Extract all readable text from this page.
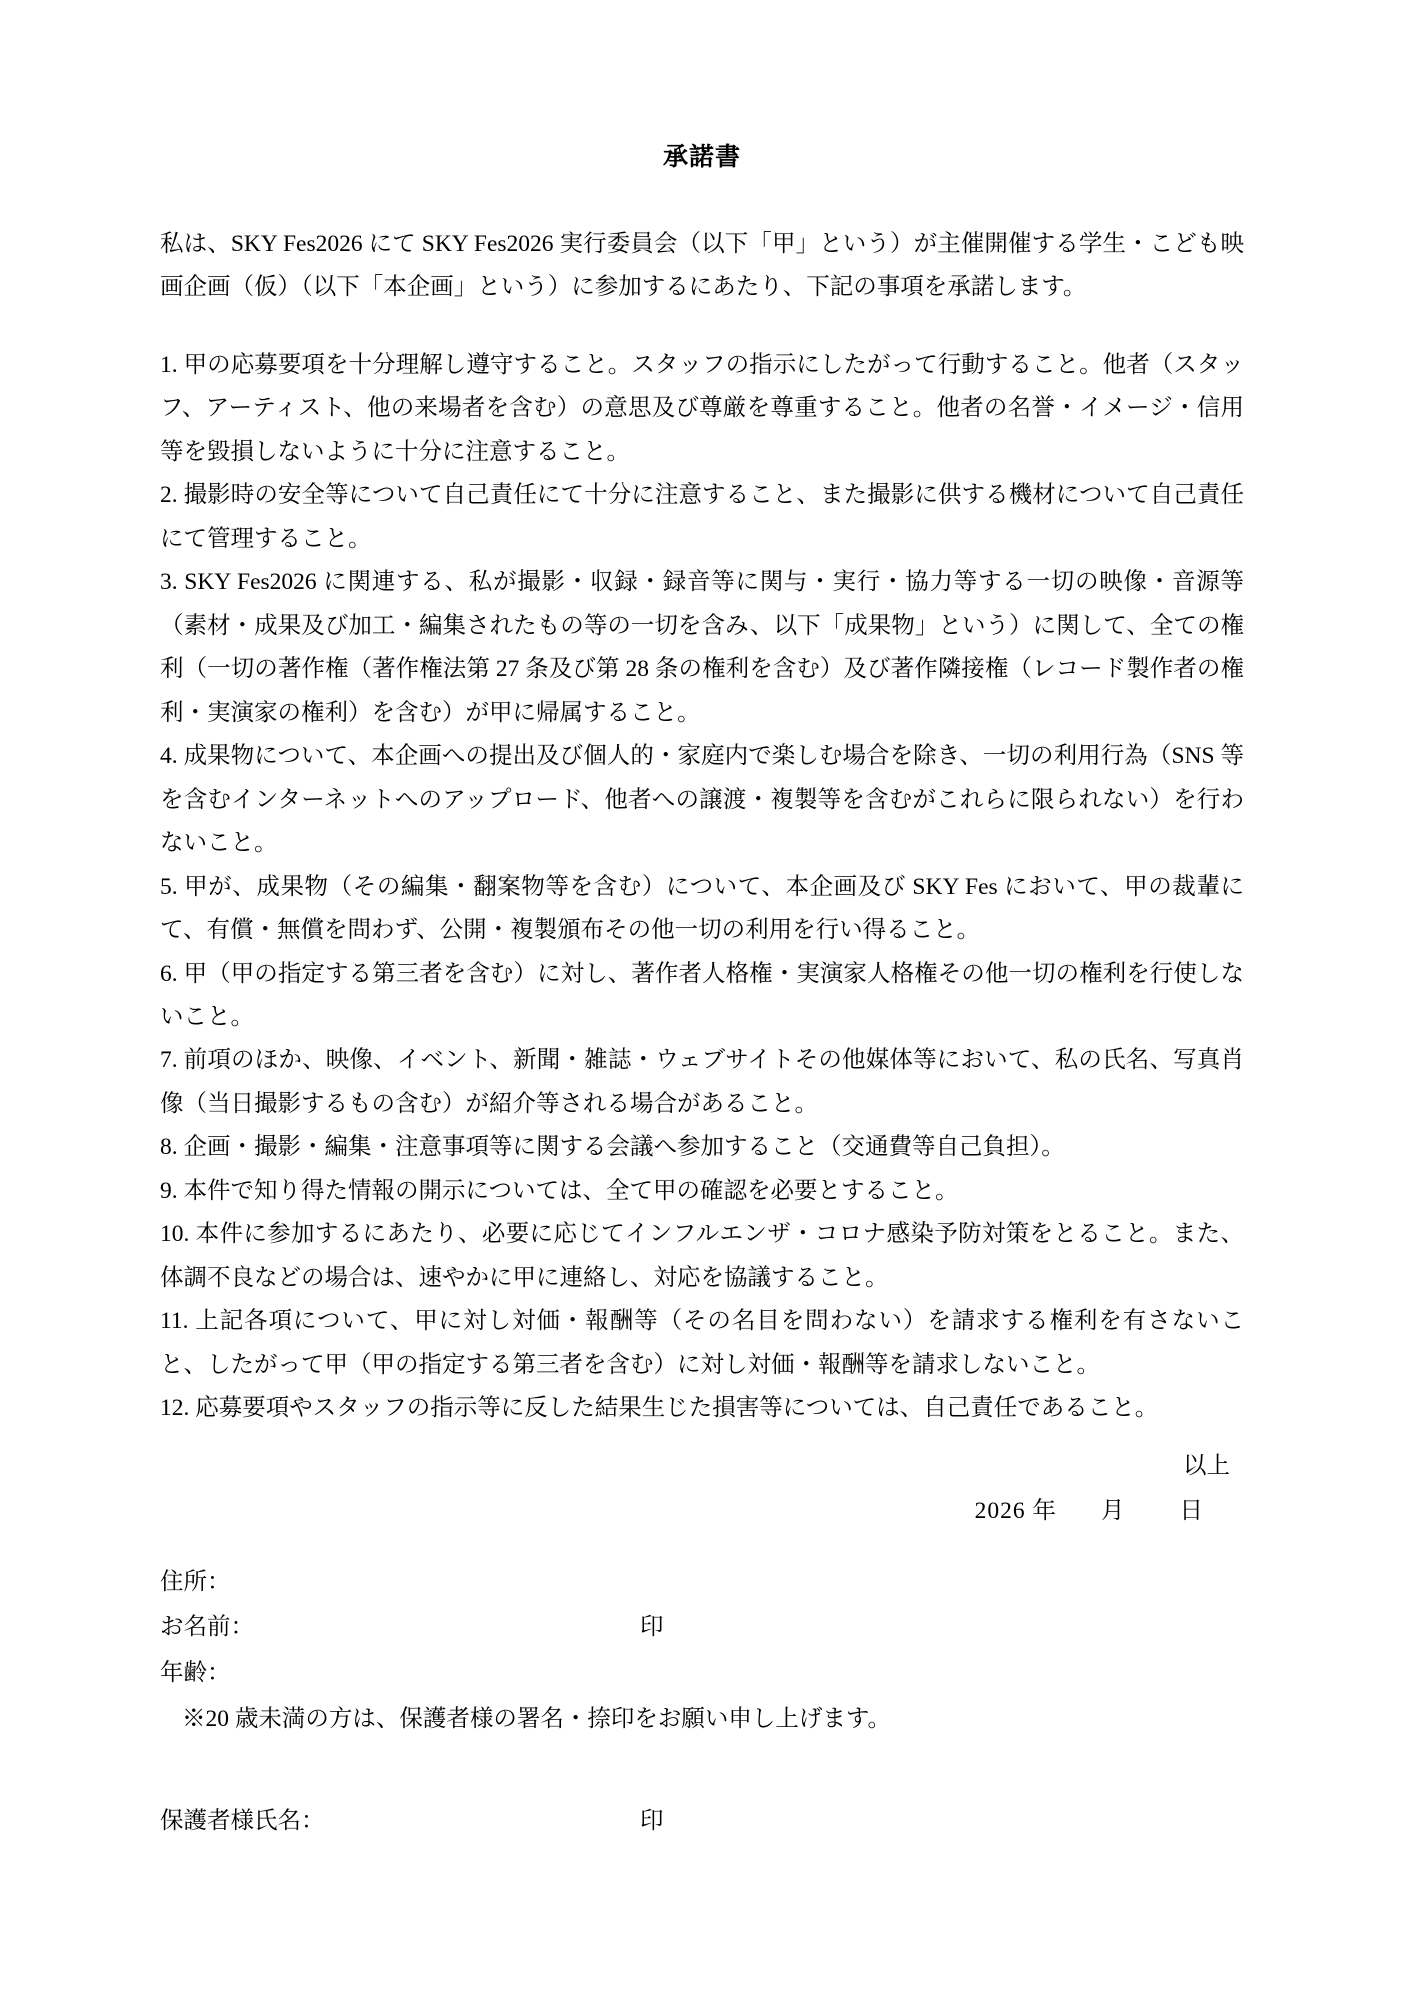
承諾書

私は、SKY Fes2026 にて SKY Fes2026 実行委員会（以下「甲」という）が主催開催する学生・こども映画企画（仮）（以下「本企画」という）に参加するにあたり、下記の事項を承諾します。

1. 甲の応募要項を十分理解し遵守すること。スタッフの指示にしたがって行動すること。他者（スタッフ、アーティスト、他の来場者を含む）の意思及び尊厳を尊重すること。他者の名誉・イメージ・信用等を毀損しないように十分に注意すること。

2. 撮影時の安全等について自己責任にて十分に注意すること、また撮影に供する機材について自己責任にて管理すること。

3. SKY Fes2026 に関連する、私が撮影・収録・録音等に関与・実行・協力等する一切の映像・音源等（素材・成果及び加工・編集されたもの等の一切を含み、以下「成果物」という）に関して、全ての権利（一切の著作権（著作権法第 27 条及び第 28 条の権利を含む）及び著作隣接権（レコード製作者の権利・実演家の権利）を含む）が甲に帰属すること。

4. 成果物について、本企画への提出及び個人的・家庭内で楽しむ場合を除き、一切の利用行為（SNS 等を含むインターネットへのアップロード、他者への譲渡・複製等を含むがこれらに限られない）を行わないこと。

5. 甲が、成果物（その編集・翻案物等を含む）について、本企画及び SKY Fes において、甲の裁輩にて、有償・無償を問わず、公開・複製頒布その他一切の利用を行い得ること。

6. 甲（甲の指定する第三者を含む）に対し、著作者人格権・実演家人格権その他一切の権利を行使しないこと。

7. 前項のほか、映像、イベント、新聞・雑誌・ウェブサイトその他媒体等において、私の氏名、写真肖像（当日撮影するもの含む）が紹介等される場合があること。

8. 企画・撮影・編集・注意事項等に関する会議へ参加すること（交通費等自己負担）。

9. 本件で知り得た情報の開示については、全て甲の確認を必要とすること。

10. 本件に参加するにあたり、必要に応じてインフルエンザ・コロナ感染予防対策をとること。また、体調不良などの場合は、速やかに甲に連絡し、対応を協議すること。

11. 上記各項について、甲に対し対価・報酬等（その名目を問わない）を請求する権利を有さないこと、したがって甲（甲の指定する第三者を含む）に対し対価・報酬等を請求しないこと。

12. 応募要項やスタッフの指示等に反した結果生じた損害等については、自己責任であること。

以上

2026 年 月 日

住所：
お名前：	印
年齢：
※20 歳未満の方は、保護者様の署名・捺印をお願い申し上げます。
保護者様氏名：	印
